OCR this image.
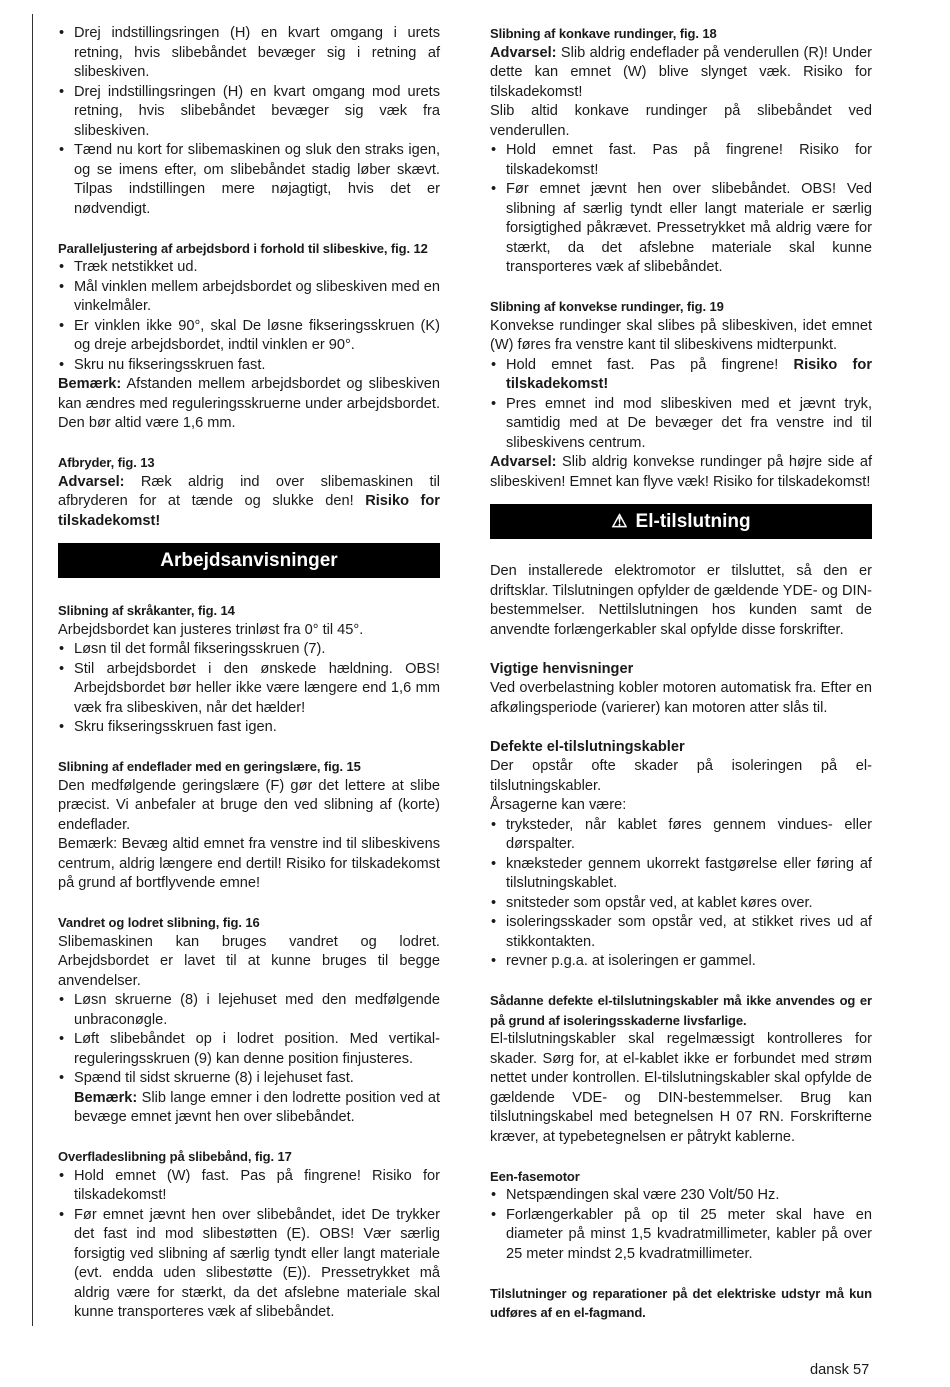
• Drej indstillingsringen (H) en kvart omgang i urets retning, hvis slibebåndet bevæger sig i retning af slibeskiven.
• Drej indstillingsringen (H) en kvart omgang mod urets retning, hvis slibebåndet bevæger sig væk fra slibeskiven.
• Tænd nu kort for slibemaskinen og sluk den straks igen, og se imens efter, om slibebåndet stadig løber skævt. Tilpas indstillingen mere nøjagtigt, hvis det er nødvendigt.

Paralleljustering af arbejdsbord i forhold til slibeskive, fig. 12

• Træk netstikket ud.
• Mål vinklen mellem arbejdsbordet og slibeskiven med en vinkelmåler.
• Er vinklen ikke 90°, skal De løsne fikseringsskruen (K) og dreje arbejdsbordet, indtil vinklen er 90°.
• Skru nu fikseringsskruen fast.

Bemærk: Afstanden mellem arbejdsbordet og slibeskiven kan ændres med reguleringsskruerne under arbejdsbordet. Den bør altid være 1,6 mm.

Afbryder, fig. 13

Advarsel: Ræk aldrig ind over slibemaskinen til afbryderen for at tænde og slukke den! Risiko for tilskadekomst!

Arbejdsanvisninger

Slibning af skråkanter, fig. 14

Arbejdsbordet kan justeres trinløst fra 0° til 45°.

• Løsn til det formål fikseringsskruen (7).
• Stil arbejdsbordet i den ønskede hældning. OBS! Arbejdsbordet bør heller ikke være længere end 1,6 mm væk fra slibeskiven, når det hælder!
• Skru fikseringsskruen fast igen.

Slibning af endeflader med en geringslære, fig. 15

Den medfølgende geringslære (F) gør det lettere at slibe præcist. Vi anbefaler at bruge den ved slibning af (korte) endeflader.

Bemærk: Bevæg altid emnet fra venstre ind til slibeskivens centrum, aldrig længere end dertil! Risiko for tilskadekomst på grund af bortflyvende emne!

Vandret og lodret slibning, fig. 16

Slibemaskinen kan bruges vandret og lodret. Arbejdsbordet er lavet til at kunne bruges til begge anvendelser.

• Løsn skruerne (8) i lejehuset med den medfølgende unbraconøgle.
• Løft slibebåndet op i lodret position. Med vertikal-reguleringsskruen (9) kan denne position finjusteres.
• Spænd til sidst skruerne (8) i lejehuset fast.

Bemærk: Slib lange emner i den lodrette position ved at bevæge emnet jævnt hen over slibebåndet.

Overfladeslibning på slibebånd, fig. 17

• Hold emnet (W) fast. Pas på fingrene! Risiko for tilskadekomst!
• Før emnet jævnt hen over slibebåndet, idet De trykker det fast ind mod slibestøtten (E). OBS! Vær særlig forsigtig ved slibning af særlig tyndt eller langt materiale (evt. endda uden slibestøtte (E)). Pressetrykket må aldrig være for stærkt, da det afslebne materiale skal kunne transporteres væk af slibebåndet.

Slibning af konkave rundinger, fig. 18

Advarsel: Slib aldrig endeflader på venderullen (R)! Under dette kan emnet (W) blive slynget væk. Risiko for tilskadekomst!

Slib altid konkave rundinger på slibebåndet ved venderullen.

• Hold emnet fast. Pas på fingrene! Risiko for tilskadekomst!
• Før emnet jævnt hen over slibebåndet. OBS! Ved slibning af særlig tyndt eller langt materiale er særlig forsigtighed påkrævet. Pressetrykket må aldrig være for stærkt, da det afslebne materiale skal kunne transporteres væk af slibebåndet.

Slibning af konvekse rundinger, fig. 19

Konvekse rundinger skal slibes på slibeskiven, idet emnet (W) føres fra venstre kant til slibeskivens midterpunkt.

• Hold emnet fast. Pas på fingrene! Risiko for tilskadekomst!
• Pres emnet ind mod slibeskiven med et jævnt tryk, samtidig med at De bevæger det fra venstre ind til slibeskivens centrum.

Advarsel: Slib aldrig konvekse rundinger på højre side af slibeskiven! Emnet kan flyve væk! Risiko for tilskadekomst!

⚠ El-tilslutning

Den installerede elektromotor er tilsluttet, så den er driftsklar. Tilslutningen opfylder de gældende YDE- og DIN-bestemmelser. Nettilslutningen hos kunden samt de anvendte forlængerkabler skal opfylde disse forskrifter.

Vigtige henvisninger

Ved overbelastning kobler motoren automatisk fra. Efter en afkølingsperiode (varierer) kan motoren atter slås til.

Defekte el-tilslutningskabler

Der opstår ofte skader på isoleringen på el-tilslutningskabler.

Årsagerne kan være:

• tryksteder, når kablet føres gennem vindues- eller dørspalter.
• knæksteder gennem ukorrekt fastgørelse eller føring af tilslutningskablet.
• snitsteder som opstår ved, at kablet køres over.
• isoleringsskader som opstår ved, at stikket rives ud af stikkontakten.
• revner p.g.a. at isoleringen er gammel.

Sådanne defekte el-tilslutningskabler må ikke anvendes og er på grund af isoleringsskaderne livsfarlige.

El-tilslutningskabler skal regelmæssigt kontrolleres for skader. Sørg for, at el-kablet ikke er forbundet med strøm nettet under kontrollen. El-tilslutningskabler skal opfylde de gældende VDE- og DIN-bestemmelser. Brug kan tilslutningskabel med betegnelsen H 07 RN. Forskrifterne kræver, at typebetegnelsen er påtrykt kablerne.

Een-fasemotor

• Netspændingen skal være 230 Volt/50 Hz.
• Forlængerkabler på op til 25 meter skal have en diameter på minst 1,5 kvadratmillimeter, kabler på over 25 meter mindst 2,5 kvadratmillimeter.

Tilslutninger og reparationer på det elektriske udstyr må kun udføres af en el-fagmand.

dansk 57
